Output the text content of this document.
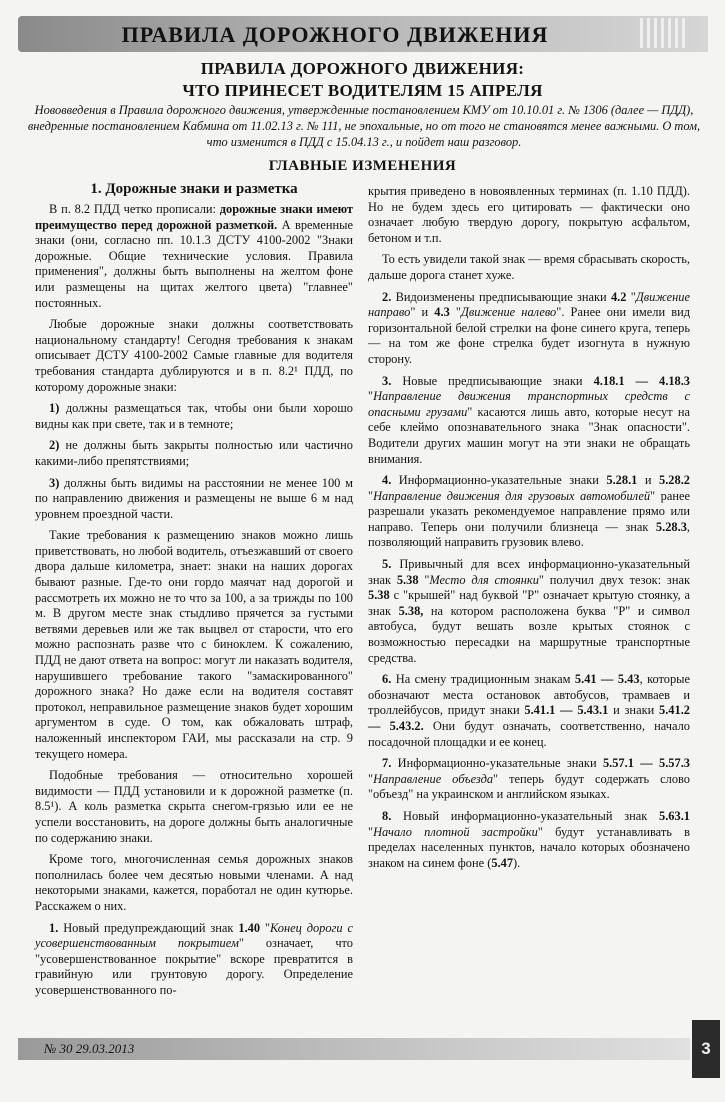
ПРАВИЛА ДОРОЖНОГО ДВИЖЕНИЯ
ПРАВИЛА ДОРОЖНОГО ДВИЖЕНИЯ:
ЧТО ПРИНЕСЕТ ВОДИТЕЛЯМ 15 АПРЕЛЯ
Нововведения в Правила дорожного движения, утвержденные постановлением КМУ от 10.10.01 г. № 1306 (далее — ПДД), внедренные постановлением Кабмина от 11.02.13 г. № 111, не эпохальные, но от того не становятся менее важными. О том, что изменится в ПДД с 15.04.13 г., и пойдет наш разговор.
ГЛАВНЫЕ ИЗМЕНЕНИЯ
1. Дорожные знаки и разметка

В п. 8.2 ПДД четко прописали: дорожные знаки имеют преимущество перед дорожной разметкой. А временные знаки (они, согласно пп. 10.1.3 ДСТУ 4100-2002 "Знаки дорожные. Общие технические условия. Правила применения", должны быть выполнены на желтом фоне или размещены на щитах желтого цвета) "главнее" постоянных.

Любые дорожные знаки должны соответствовать национальному стандарту! Сегодня требования к знакам описывает ДСТУ 4100-2002 Самые главные для водителя требования стандарта дублируются и в п. 8.2¹ ПДД, по которому дорожные знаки:

1) должны размещаться так, чтобы они были хорошо видны как при свете, так и в темноте;

2) не должны быть закрыты полностью или частично какими-либо препятствиями;

3) должны быть видимы на расстоянии не менее 100 м по направлению движения и размещены не выше 6 м над уровнем проездной части.

Такие требования к размещению знаков можно лишь приветствовать, но любой водитель, отъезжавший от своего двора дальше километра, знает: знаки на наших дорогах бывают разные. Где-то они гордо маячат над дорогой и рассмотреть их можно не то что за 100, а за трижды по 100 м. В другом месте знак стыдливо прячется за густыми ветвями деревьев или же так выцвел от старости, что его можно распознать разве что с биноклем. К сожалению, ПДД не дают ответа на вопрос: могут ли наказать водителя, нарушившего требование такого "замаскированного" дорожного знака? Но даже если на водителя составят протокол, неправильное размещение знаков будет хорошим аргументом в суде. О том, как обжаловать штраф, наложенный инспектором ГАИ, мы рассказали на стр. 9 текущего номера.

Подобные требования — относительно хорошей видимости — ПДД установили и к дорожной разметке (п. 8.5¹). А коль разметка скрыта снегом-грязью или ее не успели восстановить, на дороге должны быть аналогичные по содержанию знаки.

Кроме того, многочисленная семья дорожных знаков пополнилась более чем десятью новыми членами. А над некоторыми знаками, кажется, поработал не один кутюрье. Расскажем о них.

1. Новый предупреждающий знак 1.40 "Конец дороги с усовершенствованным покрытием" означает, что "усовершенствованное покрытие" вскоре превратится в гравийную или грунтовую дорогу. Определение усовершенствованного по-

крытия приведено в новоявленных терминах (п. 1.10 ПДД). Но не будем здесь его цитировать — фактически оно означает любую твердую дорогу, покрытую асфальтом, бетоном и т.п.

То есть увидели такой знак — время сбрасывать скорость, дальше дорога станет хуже.

2. Видоизменены предписывающие знаки 4.2 "Движение направо" и 4.3 "Движение налево". Ранее они имели вид горизонтальной белой стрелки на фоне синего круга, теперь — на том же фоне стрелка будет изогнута в нужную сторону.

3. Новые предписывающие знаки 4.18.1 — 4.18.3 "Направление движения транспортных средств с опасными грузами" касаются лишь авто, которые несут на себе клеймо опознавательного знака "Знак опасности". Водители других машин могут на эти знаки не обращать внимания.

4. Информационно-указательные знаки 5.28.1 и 5.28.2 "Направление движения для грузовых автомобилей" ранее разрешали указать рекомендуемое направление прямо или направо. Теперь они получили близнеца — знак 5.28.3, позволяющий направить грузовик влево.

5. Привычный для всех информационно-указательный знак 5.38 "Место для стоянки" получил двух тезок: знак 5.38 с "крышей" над буквой "Р" означает крытую стоянку, а знак 5.38, на котором расположена буква "Р" и символ автобуса, будут вешать возле крытых стоянок с возможностью пересадки на маршрутные транспортные средства.

6. На смену традиционным знакам 5.41 — 5.43, которые обозначают места остановок автобусов, трамваев и троллейбусов, придут знаки 5.41.1 — 5.43.1 и знаки 5.41.2 — 5.43.2. Они будут означать, соответственно, начало посадочной площадки и ее конец.

7. Информационно-указательные знаки 5.57.1 — 5.57.3 "Направление объезда" теперь будут содержать слово "объезд" на украинском и английском языках.

8. Новый информационно-указательный знак 5.63.1 "Начало плотной застройки" будут устанавливать в пределах населенных пунктов, начало которых обозначено знаком на синем фоне (5.47).

№ 30 29.03.2013	3
